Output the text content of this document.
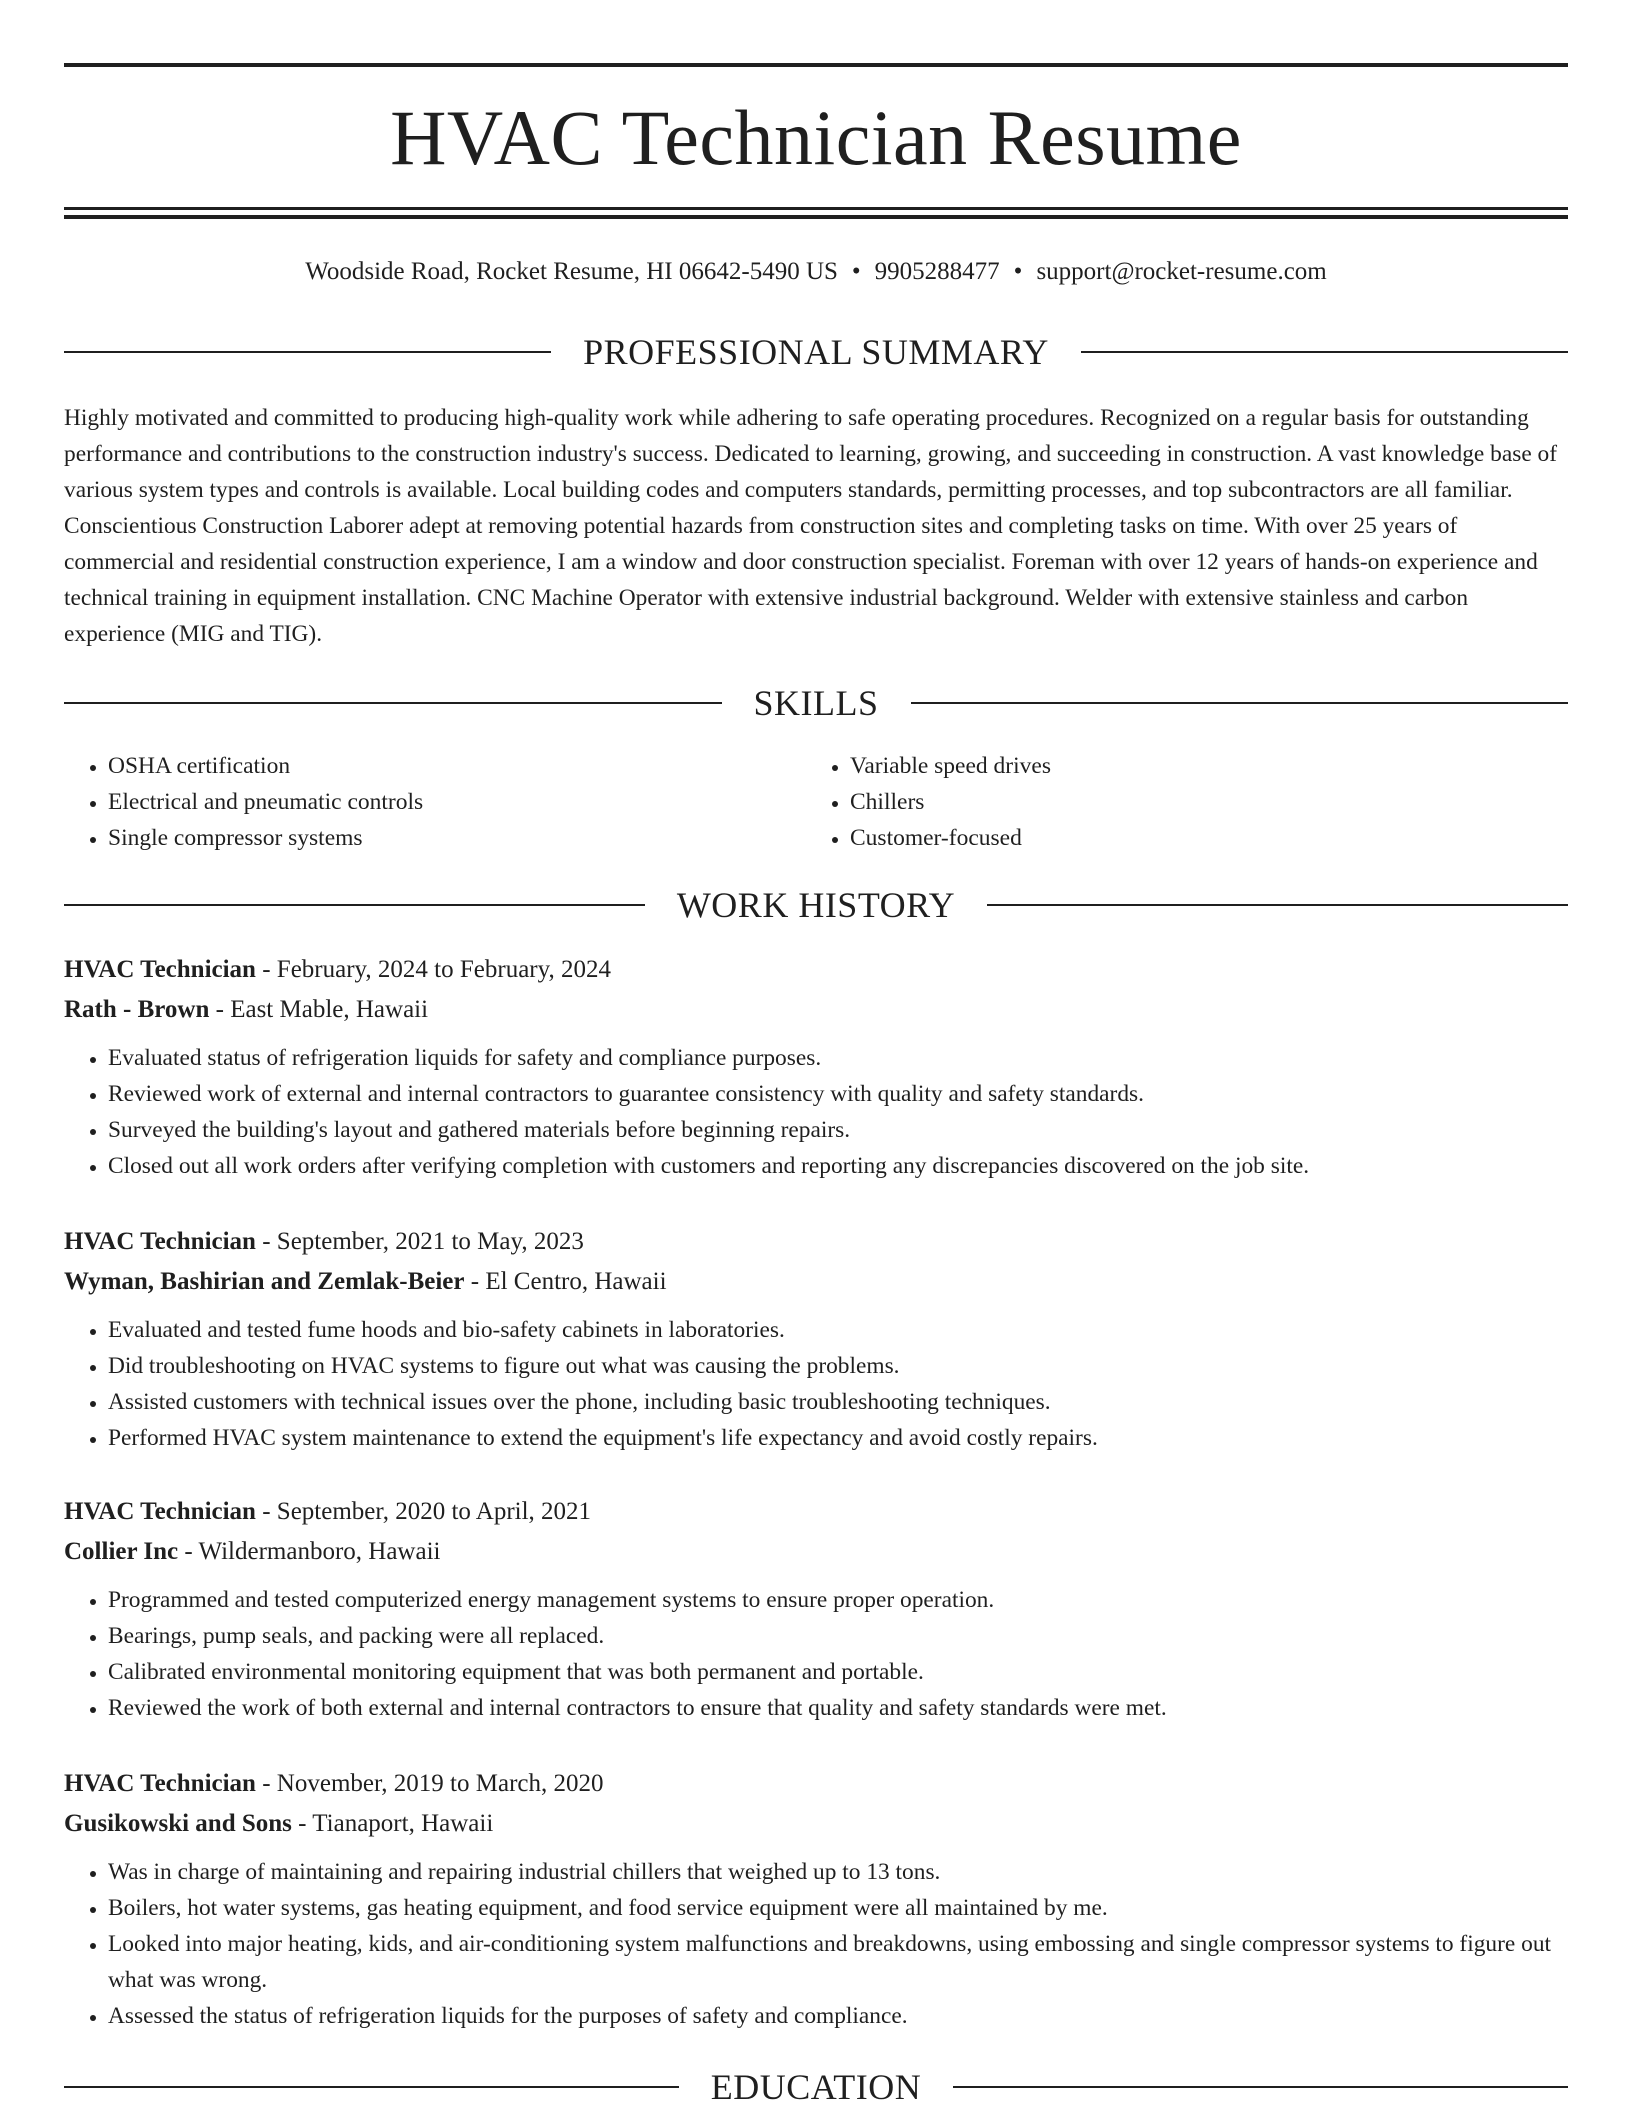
HVAC Technician Resume
Woodside Road, Rocket Resume, HI 06642-5490 US • 9905288477 • support@rocket-resume.com
PROFESSIONAL SUMMARY

Highly motivated and committed to producing high-quality work while adhering to safe operating procedures. Recognized on a regular basis for outstanding performance and contributions to the construction industry's success. Dedicated to learning, growing, and succeeding in construction. A vast knowledge base of various system types and controls is available. Local building codes and computers standards, permitting processes, and top subcontractors are all familiar. Conscientious Construction Laborer adept at removing potential hazards from construction sites and completing tasks on time. With over 25 years of commercial and residential construction experience, I am a window and door construction specialist. Foreman with over 12 years of hands-on experience and technical training in equipment installation. CNC Machine Operator with extensive industrial background. Welder with extensive stainless and carbon experience (MIG and TIG).

SKILLS
• OSHA certification
• Electrical and pneumatic controls
• Single compressor systems
• Variable speed drives
• Chillers
• Customer-focused
WORK HISTORY
HVAC Technician - February, 2024 to February, 2024
Rath - Brown - East Mable, Hawaii
• Evaluated status of refrigeration liquids for safety and compliance purposes.
• Reviewed work of external and internal contractors to guarantee consistency with quality and safety standards.
• Surveyed the building's layout and gathered materials before beginning repairs.
• Closed out all work orders after verifying completion with customers and reporting any discrepancies discovered on the job site.
HVAC Technician - September, 2021 to May, 2023
Wyman, Bashirian and Zemlak-Beier - El Centro, Hawaii
• Evaluated and tested fume hoods and bio-safety cabinets in laboratories.
• Did troubleshooting on HVAC systems to figure out what was causing the problems.
• Assisted customers with technical issues over the phone, including basic troubleshooting techniques.
• Performed HVAC system maintenance to extend the equipment's life expectancy and avoid costly repairs.
HVAC Technician - September, 2020 to April, 2021
Collier Inc - Wildermanboro, Hawaii
• Programmed and tested computerized energy management systems to ensure proper operation.
• Bearings, pump seals, and packing were all replaced.
• Calibrated environmental monitoring equipment that was both permanent and portable.
• Reviewed the work of both external and internal contractors to ensure that quality and safety standards were met.
HVAC Technician - November, 2019 to March, 2020
Gusikowski and Sons - Tianaport, Hawaii
• Was in charge of maintaining and repairing industrial chillers that weighed up to 13 tons.
• Boilers, hot water systems, gas heating equipment, and food service equipment were all maintained by me.
• Looked into major heating, kids, and air-conditioning system malfunctions and breakdowns, using embossing and single compressor systems to figure out what was wrong.
• Assessed the status of refrigeration liquids for the purposes of safety and compliance.
EDUCATION
